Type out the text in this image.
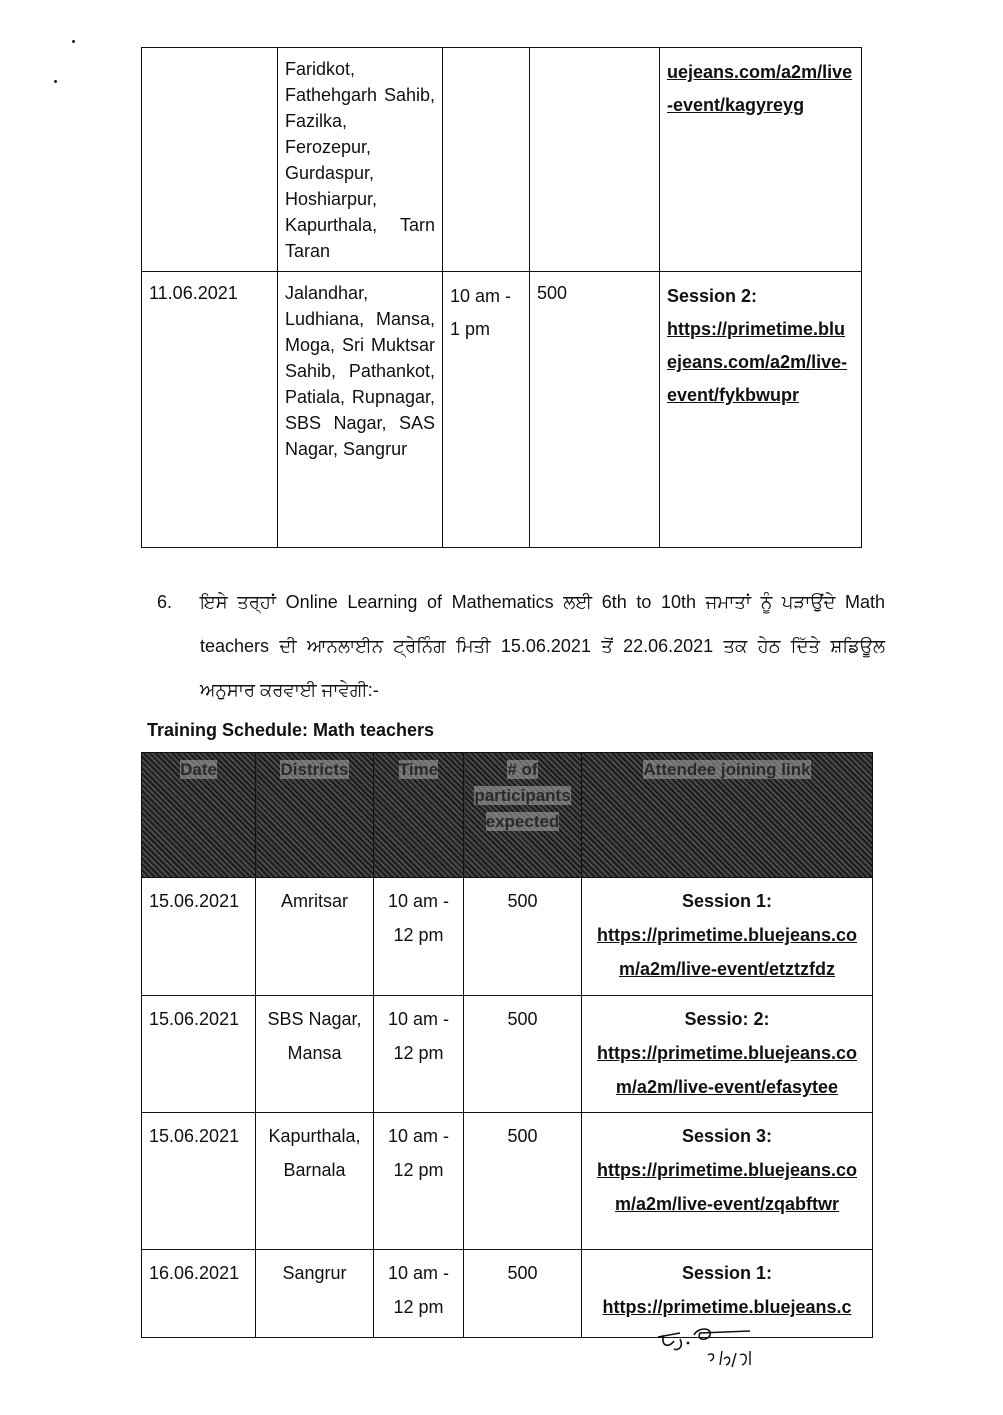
	Faridkot, Fathehgarh Sahib, Fazilka, Ferozepur, Gurdaspur, Hoshiarpur, Kapurthala, Tarn Taran			uejeans.com/a2m/live-event/kagyreyg
11.06.2021	Jalandhar, Ludhiana, Mansa, Moga, Sri Muktsar Sahib, Pathankot, Patiala, Rupnagar, SBS Nagar, SAS Nagar, Sangrur	10 am - 1 pm	500	Session 2:
https://primetime.bluejeans.com/a2m/live-event/fykbwupr
6. ਇਸੇ ਤਰ੍ਹਾਂ Online Learning of Mathematics ਲਈ 6th to 10th ਜਮਾਤਾਂ ਨੂੰ ਪੜਾਉਂਦੇ Math teachers ਦੀ ਆਨਲਾਈਨ ਟ੍ਰੇਨਿੰਗ ਮਿਤੀ 15.06.2021 ਤੋਂ 22.06.2021 ਤਕ ਹੇਠ ਦਿੱਤੇ ਸ਼ਡਿਊਲ ਅਨੁਸਾਰ ਕਰਵਾਈ ਜਾਵੇਗੀ:-
Training Schedule: Math teachers
Date	Districts	Time	# of participants expected	Attendee joining link
15.06.2021	Amritsar	10 am - 12 pm	500	Session 1:
https://primetime.bluejeans.com/a2m/live-event/etztzfdz

15.06.2021	SBS Nagar, Mansa	10 am - 12 pm	500	Sessio: 2:
https://primetime.bluejeans.com/a2m/live-event/efasytee

15.06.2021	Kapurthala, Barnala	10 am - 12 pm	500	Session 3:
https://primetime.bluejeans.com/a2m/live-event/zqabftwr

16.06.2021	Sangrur	10 am - 12 pm	500	Session 1:
https://primetime.bluejeans.c
